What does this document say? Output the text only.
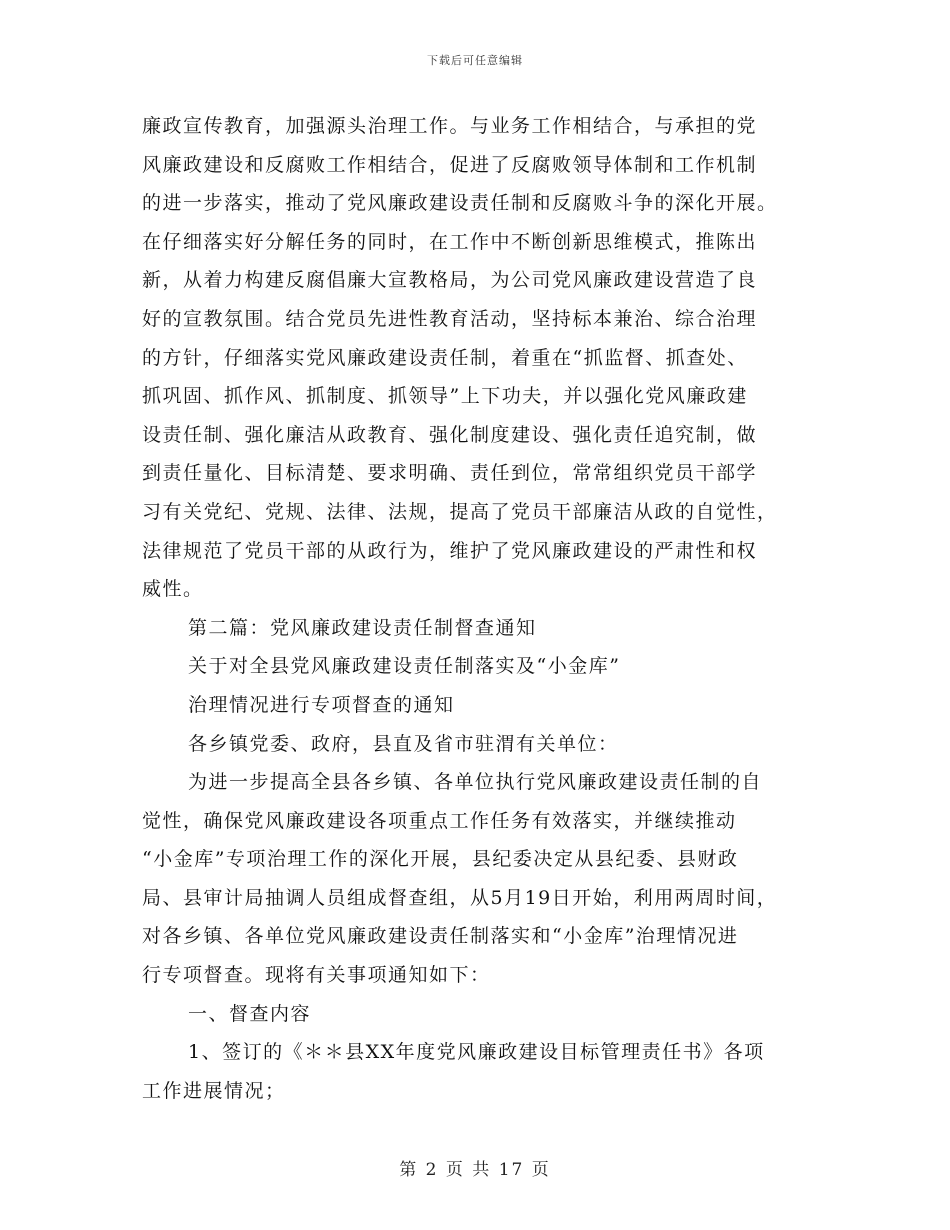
下载后可任意编辑
廉政宣传教育，加强源头治理工作。与业务工作相结合，与承担的党
风廉政建设和反腐败工作相结合，促进了反腐败领导体制和工作机制
的进一步落实，推动了党风廉政建设责任制和反腐败斗争的深化开展。
在仔细落实好分解任务的同时，在工作中不断创新思维模式，推陈出
新，从着力构建反腐倡廉大宣教格局，为公司党风廉政建设营造了良
好的宣教氛围。结合党员先进性教育活动，坚持标本兼治、综合治理
的方针，仔细落实党风廉政建设责任制，着重在“抓监督、抓查处、
抓巩固、抓作风、抓制度、抓领导”上下功夫，并以强化党风廉政建
设责任制、强化廉洁从政教育、强化制度建设、强化责任追究制，做
到责任量化、目标清楚、要求明确、责任到位，常常组织党员干部学
习有关党纪、党规、法律、法规，提高了党员干部廉洁从政的自觉性，
法律规范了党员干部的从政行为，维护了党风廉政建设的严肃性和权
威性。
第二篇：党风廉政建设责任制督查通知
关于对全县党风廉政建设责任制落实及“小金库”
治理情况进行专项督查的通知
各乡镇党委、政府，县直及省市驻渭有关单位：
为进一步提高全县各乡镇、各单位执行党风廉政建设责任制的自
觉性，确保党风廉政建设各项重点工作任务有效落实，并继续推动
“小金库”专项治理工作的深化开展，县纪委决定从县纪委、县财政
局、县审计局抽调人员组成督查组，从5月19日开始，利用两周时间，
对各乡镇、各单位党风廉政建设责任制落实和“小金库”治理情况进
行专项督查。现将有关事项通知如下：
一、督查内容
1、签订的《＊＊县XX年度党风廉政建设目标管理责任书》各项
工作进展情况；
第 2 页 共 17 页
